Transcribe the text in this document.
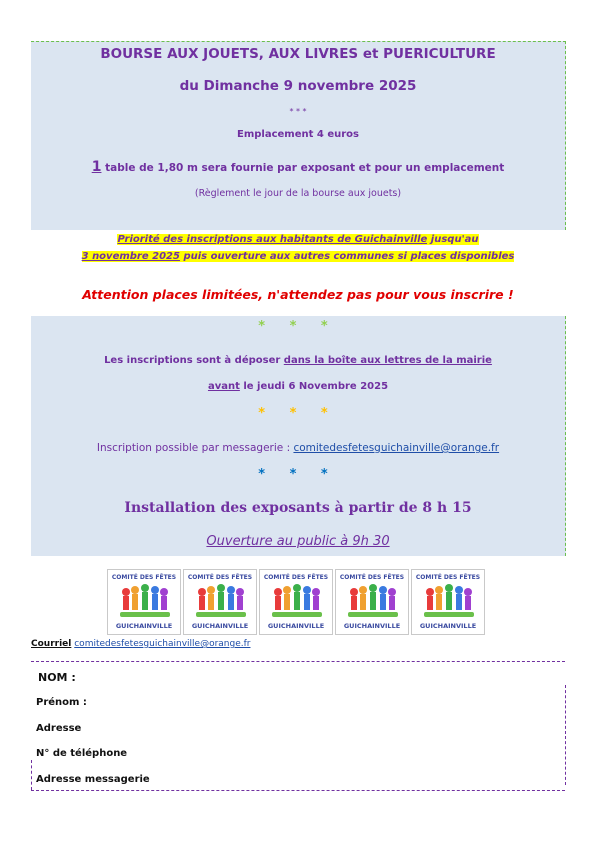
BOURSE AUX JOUETS, AUX LIVRES et PUERICULTURE
du Dimanche 9 novembre 2025
* * *
Emplacement 4 euros
1 table de 1,80 m sera fournie par exposant et pour un emplacement
(Règlement le jour de la bourse aux jouets)
Priorité des inscriptions aux habitants de Guichainville jusqu'au
3 novembre 2025 puis ouverture aux autres communes si places disponibles
Attention places limitées, n'attendez pas pour vous inscrire !
* * *
Les inscriptions sont à déposer dans la boîte aux lettres de la mairie
avant le jeudi 6 Novembre 2025
* * *
Inscription possible par messagerie : comitedesfetesguichainville@orange.fr
* * *
Installation des exposants à partir de 8 h 15
Ouverture au public à 9h 30
COMITÉ DES FÊTES
GUICHAINVILLE
COMITÉ DES FÊTES
GUICHAINVILLE
COMITÉ DES FÊTES
GUICHAINVILLE
COMITÉ DES FÊTES
GUICHAINVILLE
COMITÉ DES FÊTES
GUICHAINVILLE
Courriel comitedesfetesguichainville@orange.fr
NOM :
Prénom :
Adresse
N° de téléphone
Adresse messagerie
